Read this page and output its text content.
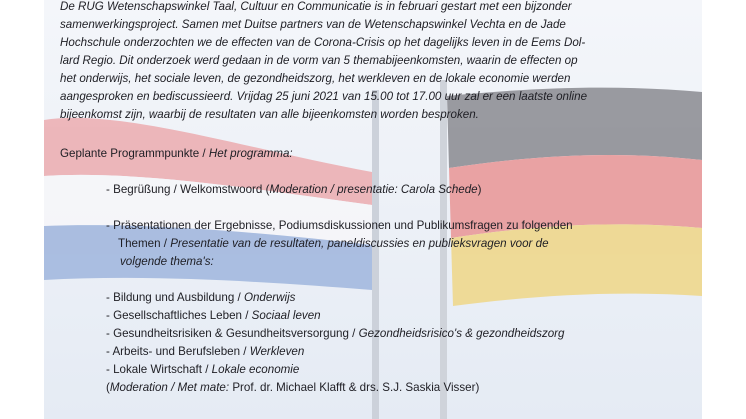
De RUG Wetenschapswinkel Taal, Cultuur en Communicatie is in februari gestart met een bijzonder
samenwerkingsproject. Samen met Duitse partners van de Wetenschapswinkel Vechta en de Jade
Hochschule onderzochten we de effecten van de Corona-Crisis op het dagelijks leven in de Eems Dol-
lard Regio. Dit onderzoek werd gedaan in de vorm van 5 themabijeenkomsten, waarin de effecten op
het onderwijs, het sociale leven, de gezondheidszorg, het werkleven en de lokale economie werden
aangesproken en bediscussieerd. Vrijdag 25 juni 2021 van 15.00 tot 17.00 uur zal er een laatste online
bijeenkomst zijn, waarbij de resultaten van alle bijeenkomsten worden besproken.
Geplante Programmpunkte / Het programma:
- Begrüßung / Welkomstwoord (Moderation / presentatie: Carola Schede)
- Präsentationen der Ergebnisse, Podiumsdiskussionen und Publikumsfragen zu folgenden
Themen / Presentatie van de resultaten, paneldiscussies en publieksvragen voor de
volgende thema's:
- Bildung und Ausbildung / Onderwijs
- Gesellschaftliches Leben / Sociaal leven
- Gesundheitsrisiken & Gesundheitsversorgung / Gezondheidsrisico's & gezondheidszorg
- Arbeits- und Berufsleben / Werkleven
- Lokale Wirtschaft / Lokale economie
(Moderation / Met mate: Prof. dr. Michael Klafft & drs. S.J. Saskia Visser)
